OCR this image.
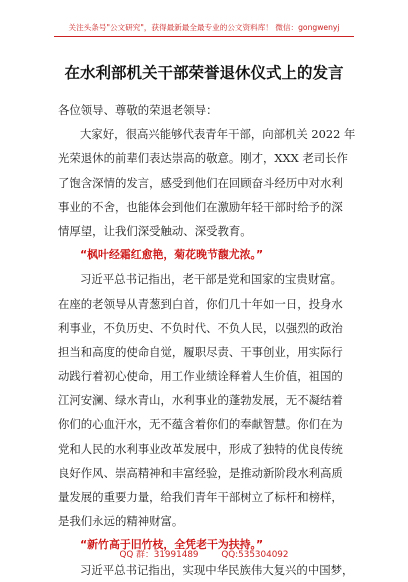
关注头条号"公文研究"，获得最新最全最专业的公文资料库！ 微信：gongwenyj
在水利部机关干部荣誉退休仪式上的发言
各位领导、尊敬的荣退老领导：
大家好，很高兴能够代表青年干部，向部机关 2022 年
光荣退休的前辈们表达崇高的敬意。刚才，XXX 老司长作
了饱含深情的发言，感受到他们在回顾奋斗经历中对水利
事业的不舍，也能体会到他们在激励年轻干部时给予的深
情厚望，让我们深受触动、深受教育。
“枫叶经霜红愈艳，菊花晚节馥尤浓。”
习近平总书记指出，老干部是党和国家的宝贵财富。
在座的老领导从青葱到白首，你们几十年如一日，投身水
利事业，不负历史、不负时代、不负人民，以强烈的政治
担当和高度的使命自觉，履职尽责、干事创业，用实际行
动践行着初心使命，用工作业绩诠释着人生价值，祖国的
江河安澜、绿水青山，水利事业的蓬勃发展，无不凝结着
你们的心血汗水，无不蕴含着你们的奉献智慧。你们在为
党和人民的水利事业改革发展中，形成了独特的优良传统
良好作风、崇高精神和丰富经验，是推动新阶段水利高质
量发展的重要力量，给我们青年干部树立了标杆和榜样，
是我们永远的精神财富。
“新竹高于旧竹枝，全凭老干为扶持。”
习近平总书记指出，实现中华民族伟大复兴的中国梦，
QQ 群：31991489	QQ:535304092
